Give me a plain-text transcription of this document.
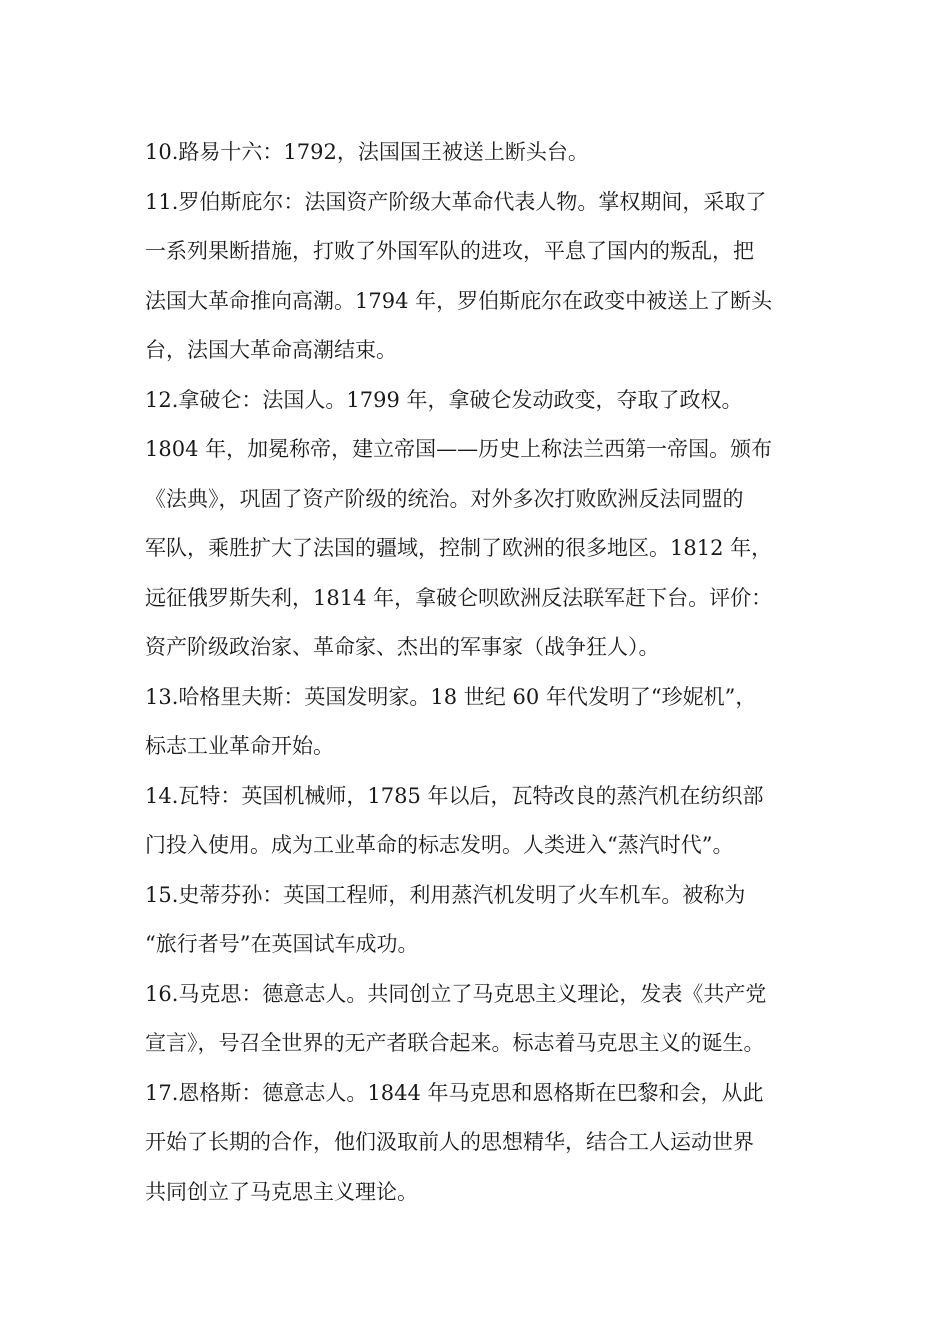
10.路易十六：1792，法国国王被送上断头台。
11.罗伯斯庇尔：法国资产阶级大革命代表人物。掌权期间，采取了
一系列果断措施，打败了外国军队的进攻，平息了国内的叛乱，把
法国大革命推向高潮。1794 年，罗伯斯庇尔在政变中被送上了断头
台，法国大革命高潮结束。
12.拿破仑：法国人。1799 年，拿破仑发动政变，夺取了政权。
1804 年，加冕称帝，建立帝国——历史上称法兰西第一帝国。颁布
《法典》，巩固了资产阶级的统治。对外多次打败欧洲反法同盟的
军队，乘胜扩大了法国的疆域，控制了欧洲的很多地区。1812 年，
远征俄罗斯失利，1814 年，拿破仑呗欧洲反法联军赶下台。评价：
资产阶级政治家、革命家、杰出的军事家（战争狂人）。
13.哈格里夫斯：英国发明家。18 世纪 60 年代发明了“珍妮机”，
标志工业革命开始。
14.瓦特：英国机械师，1785 年以后，瓦特改良的蒸汽机在纺织部
门投入使用。成为工业革命的标志发明。人类进入“蒸汽时代”。
15.史蒂芬孙：英国工程师，利用蒸汽机发明了火车机车。被称为
“旅行者号”在英国试车成功。
16.马克思：德意志人。共同创立了马克思主义理论，发表《共产党
宣言》，号召全世界的无产者联合起来。标志着马克思主义的诞生。
17.恩格斯：德意志人。1844 年马克思和恩格斯在巴黎和会，从此
开始了长期的合作，他们汲取前人的思想精华，结合工人运动世界
共同创立了马克思主义理论。
